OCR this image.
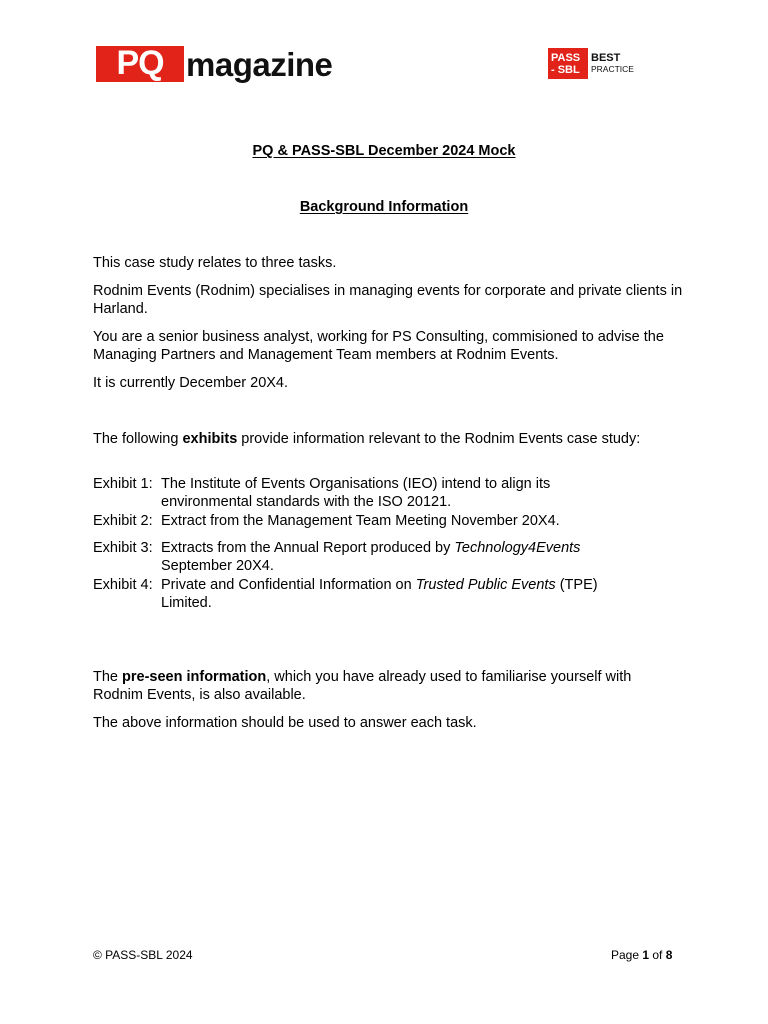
PQ magazine	PASS
- SBL
BEST
PRACTICE
PQ & PASS-SBL December 2024 Mock
Background Information

This case study relates to three tasks.

Rodnim Events (Rodnim) specialises in managing events for corporate and private clients in Harland.

You are a senior business analyst, working for PS Consulting, commisioned to advise the Managing Partners and Management Team members at Rodnim Events.

It is currently December 20X4.

The following exhibits provide information relevant to the Rodnim Events case study:

Exhibit 1: The Institute of Events Organisations (IEO) intend to align its
environmental standards with the ISO 20121.
Exhibit 2: Extract from the Management Team Meeting November 20X4.
Exhibit 3: Extracts from the Annual Report produced by Technology4Events
September 20X4.
Exhibit 4: Private and Confidential Information on Trusted Public Events (TPE)
Limited.

The pre-seen information, which you have already used to familiarise yourself with Rodnim Events, is also available.

The above information should be used to answer each task.

© PASS-SBL 2024	Page 1 of 8
